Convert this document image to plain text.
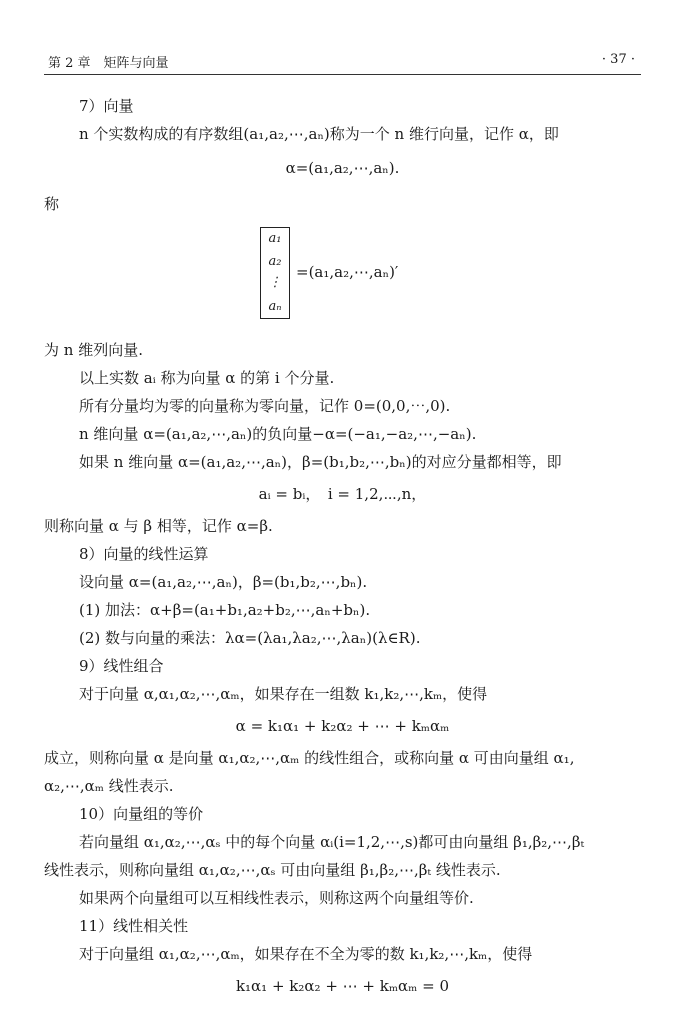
第 2 章　矩阵与向量	· 37 ·
7）向量
n 个实数构成的有序数组(a₁,a₂,⋯,aₙ)称为一个 n 维行向量，记作 α，即
α=(a₁,a₂,⋯,aₙ).
称
a₁
a₂
⋮
aₙ
=(a₁,a₂,⋯,aₙ)′
为 n 维列向量.
以上实数 aᵢ 称为向量 α 的第 i 个分量.
所有分量均为零的向量称为零向量，记作 0=(0,0,⋯,0).
n 维向量 α=(a₁,a₂,⋯,aₙ)的负向量−α=(−a₁,−a₂,⋯,−aₙ).
如果 n 维向量 α=(a₁,a₂,⋯,aₙ)，β=(b₁,b₂,⋯,bₙ)的对应分量都相等，即
aᵢ = bᵢ，　i = 1,2,⋯,n，
则称向量 α 与 β 相等，记作 α=β.
8）向量的线性运算
设向量 α=(a₁,a₂,⋯,aₙ)，β=(b₁,b₂,⋯,bₙ).
(1) 加法：α+β=(a₁+b₁,a₂+b₂,⋯,aₙ+bₙ).
(2) 数与向量的乘法：λα=(λa₁,λa₂,⋯,λaₙ)(λ∈R).
9）线性组合
对于向量 α,α₁,α₂,⋯,αₘ，如果存在一组数 k₁,k₂,⋯,kₘ，使得
α = k₁α₁ + k₂α₂ + ⋯ + kₘαₘ
成立，则称向量 α 是向量 α₁,α₂,⋯,αₘ 的线性组合，或称向量 α 可由向量组 α₁,
α₂,⋯,αₘ 线性表示.
10）向量组的等价
若向量组 α₁,α₂,⋯,αₛ 中的每个向量 αᵢ(i=1,2,⋯,s)都可由向量组 β₁,β₂,⋯,βₜ
线性表示，则称向量组 α₁,α₂,⋯,αₛ 可由向量组 β₁,β₂,⋯,βₜ 线性表示.
如果两个向量组可以互相线性表示，则称这两个向量组等价.
11）线性相关性
对于向量组 α₁,α₂,⋯,αₘ，如果存在不全为零的数 k₁,k₂,⋯,kₘ，使得
k₁α₁ + k₂α₂ + ⋯ + kₘαₘ = 0
